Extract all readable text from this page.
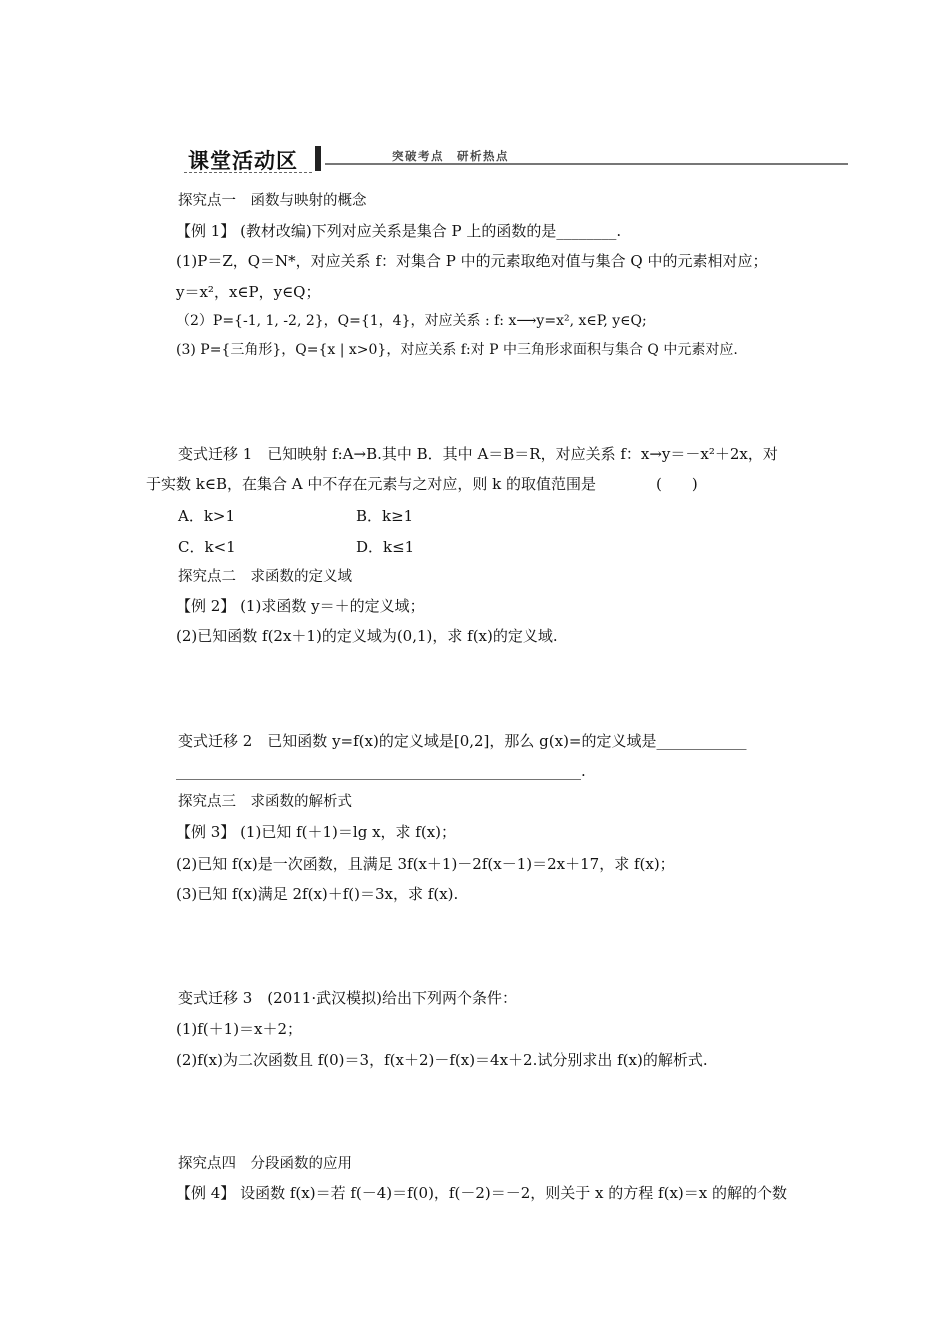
课堂活动区	突破考点　研析热点
探究点一　函数与映射的概念
【例 1】 (教材改编)下列对应关系是集合 P 上的函数的是________.
(1)P＝Z，Q＝N*，对应关系 f：对集合 P 中的元素取绝对值与集合 Q 中的元素相对应；
y＝x²，x∈P，y∈Q；
（2）P={-1, 1, -2, 2}，Q={1，4}，对应关系 : f: x⟶y=x², x∈P, y∈Q;
(3) P={三角形}，Q={x | x>0}，对应关系 f:对 P 中三角形求面积与集合 Q 中元素对应.
变式迁移 1　已知映射 f:A→B.其中 B．其中 A＝B＝R，对应关系 f：x→y＝－x²＋2x，对
于实数 k∈B，在集合 A 中不存在元素与之对应，则 k 的取值范围是　　　　(　　)
A．k>1	B．k≥1
C．k<1	D．k≤1
探究点二　求函数的定义域
【例 2】 (1)求函数 y＝＋的定义域；
(2)已知函数 f(2x＋1)的定义域为(0,1)，求 f(x)的定义域.
变式迁移 2　已知函数 y=f(x)的定义域是[0,2]，那么 g(x)=的定义域是____________
______________________________________________________.
探究点三　求函数的解析式
【例 3】 (1)已知 f(＋1)＝lg x，求 f(x)；
(2)已知 f(x)是一次函数，且满足 3f(x＋1)－2f(x－1)＝2x＋17，求 f(x)；
(3)已知 f(x)满足 2f(x)＋f()＝3x，求 f(x).
变式迁移 3　(2011·武汉模拟)给出下列两个条件：
(1)f(＋1)＝x＋2；
(2)f(x)为二次函数且 f(0)＝3，f(x＋2)－f(x)＝4x＋2.试分别求出 f(x)的解析式.
探究点四　分段函数的应用
【例 4】 设函数 f(x)＝若 f(－4)＝f(0)，f(－2)＝－2，则关于 x 的方程 f(x)＝x 的解的个数
